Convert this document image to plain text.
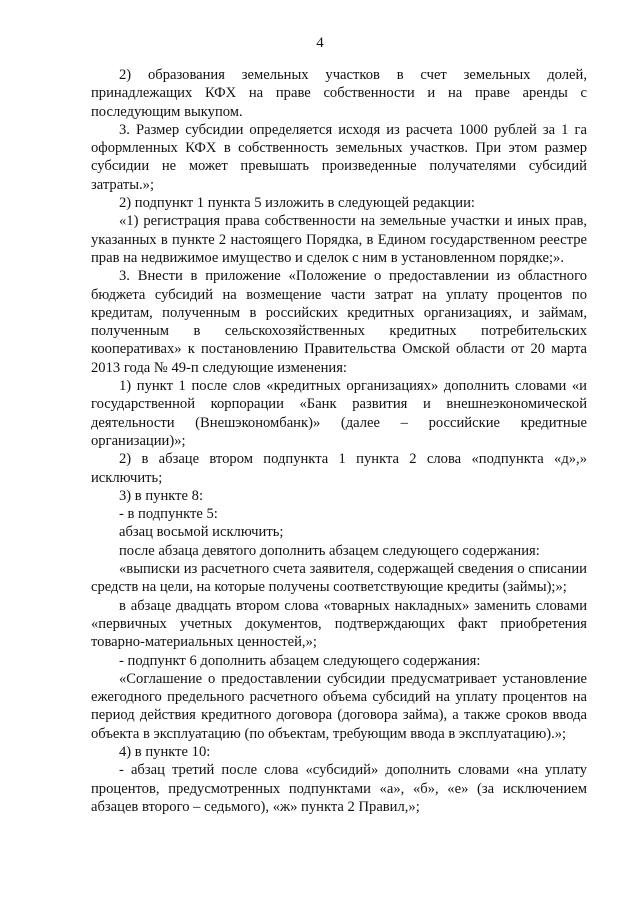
4

2) образования земельных участков в счет земельных долей, принадлежащих КФХ на праве собственности и на праве аренды с последующим выкупом.

3. Размер субсидии определяется исходя из расчета 1000 рублей за 1 га оформленных КФХ в собственность земельных участков. При этом размер субсидии не может превышать произведенные получателями субсидий затраты.»;

2) подпункт 1 пункта 5 изложить в следующей редакции:

«1) регистрация права собственности на земельные участки и иных прав, указанных в пункте 2 настоящего Порядка, в Едином государственном реестре прав на недвижимое имущество и сделок с ним в установленном порядке;».

3. Внести в приложение «Положение о предоставлении из областного бюджета субсидий на возмещение части затрат на уплату процентов по кредитам, полученным в российских кредитных организациях, и займам, полученным в сельскохозяйственных кредитных потребительских кооперативах» к постановлению Правительства Омской области от 20 марта 2013 года № 49-п следующие изменения:

1) пункт 1 после слов «кредитных организациях» дополнить словами «и государственной корпорации «Банк развития и внешнеэкономической деятельности (Внешэкономбанк)» (далее – российские кредитные организации)»;

2) в абзаце втором подпункта 1 пункта 2 слова «подпункта «д»,» исключить;

3) в пункте 8:

- в подпункте 5:

абзац восьмой исключить;

после абзаца девятого дополнить абзацем следующего содержания:

«выписки из расчетного счета заявителя, содержащей сведения о списании средств на цели, на которые получены соответствующие кредиты (займы);»;

в абзаце двадцать втором слова «товарных накладных» заменить словами «первичных учетных документов, подтверждающих факт приобретения товарно-материальных ценностей,»;

- подпункт 6 дополнить абзацем следующего содержания:

«Соглашение о предоставлении субсидии предусматривает установление ежегодного предельного расчетного объема субсидий на уплату процентов на период действия кредитного договора (договора займа), а также сроков ввода объекта в эксплуатацию (по объектам, требующим ввода в эксплуатацию).»;

4) в пункте 10:

- абзац третий после слова «субсидий» дополнить словами «на уплату процентов, предусмотренных подпунктами «а», «б», «е» (за исключением абзацев второго – седьмого), «ж» пункта 2 Правил,»;
